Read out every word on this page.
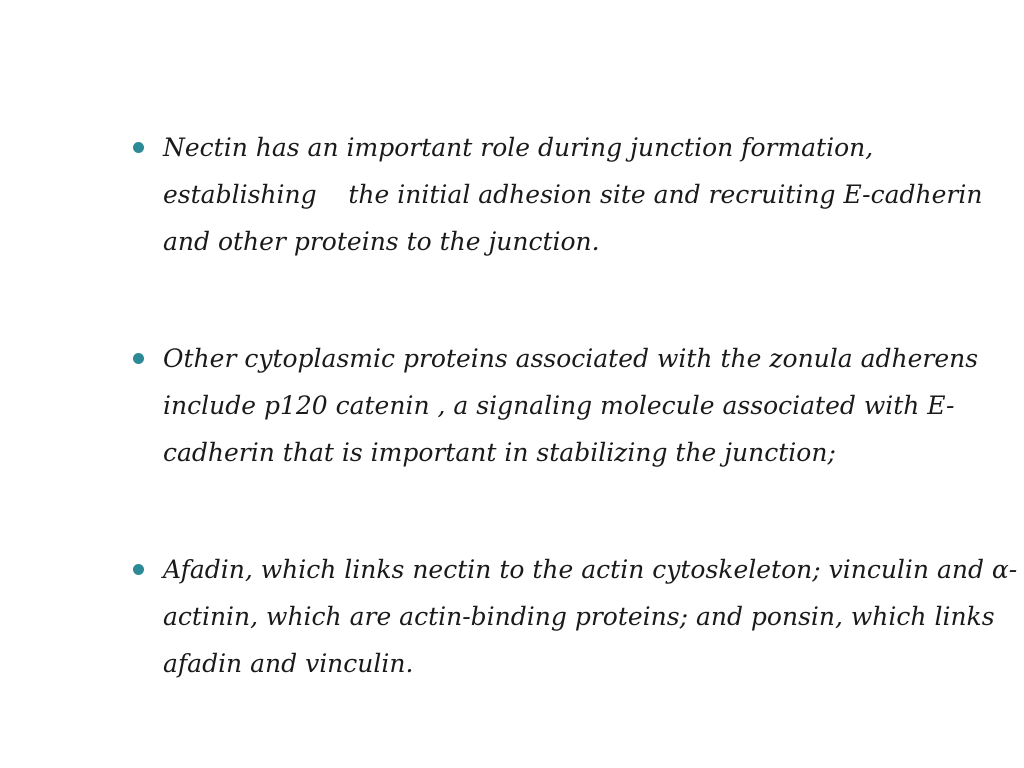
Nectin has an important role during junction formation,
establishing    the initial adhesion site and recruiting E-cadherin
and other proteins to the junction.
Other cytoplasmic proteins associated with the zonula adherens
include p120 catenin , a signaling molecule associated with E-
cadherin that is important in stabilizing the junction;
Afadin, which links nectin to the actin cytoskeleton; vinculin and α-
actinin, which are actin-binding proteins; and ponsin, which links
afadin and vinculin.
